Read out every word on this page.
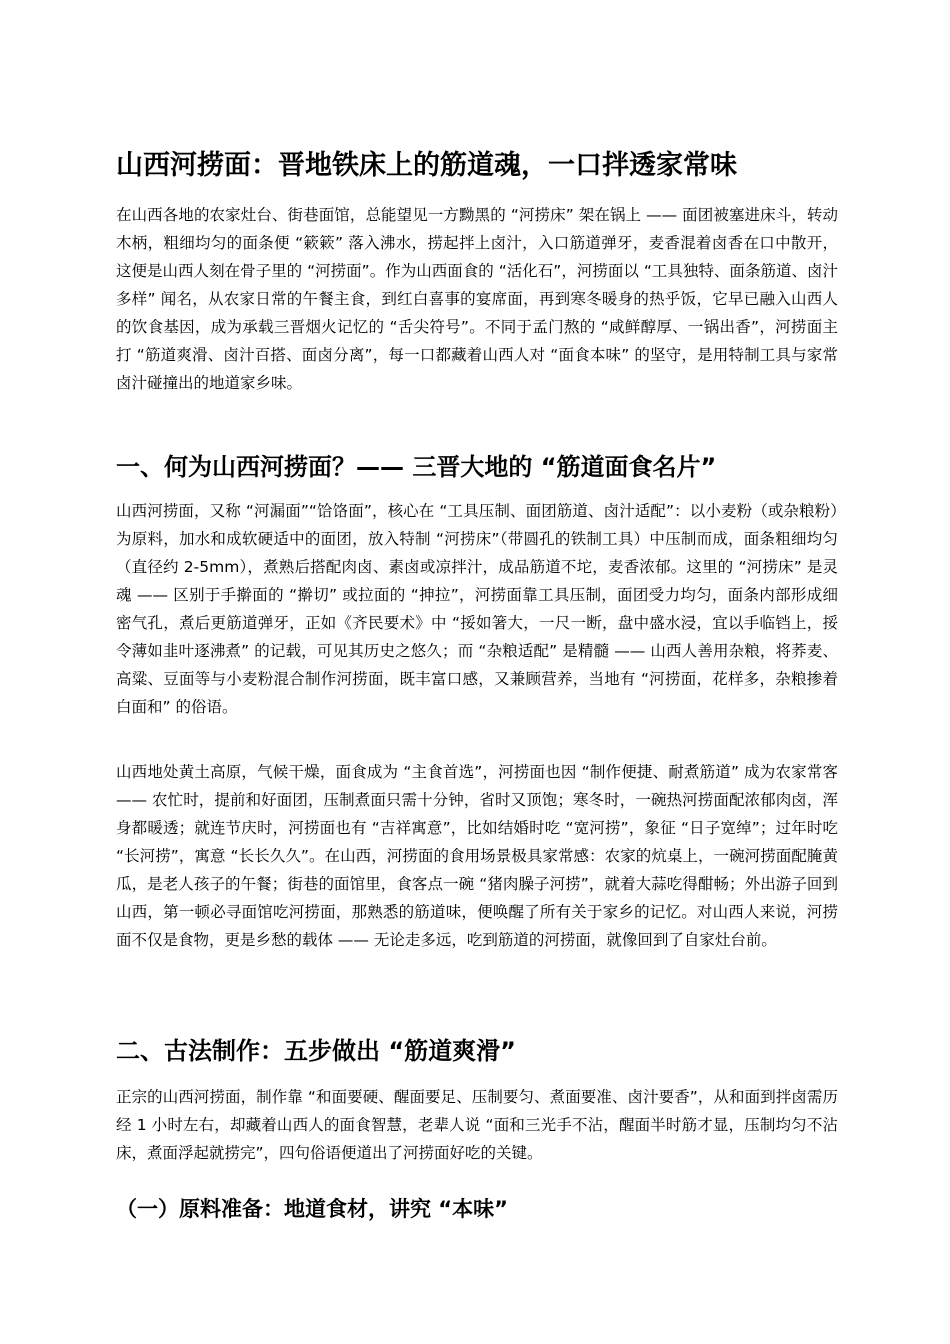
山西河捞面：晋地铁床上的筋道魂，一口拌透家常味

在山西各地的农家灶台、街巷面馆，总能望见一方黝黑的 “河捞床” 架在锅上 —— 面团被塞进床斗，转动木柄，粗细均匀的面条便 “簌簌” 落入沸水，捞起拌上卤汁，入口筋道弹牙，麦香混着卤香在口中散开，这便是山西人刻在骨子里的 “河捞面”。作为山西面食的 “活化石”，河捞面以 “工具独特、面条筋道、卤汁多样” 闻名，从农家日常的午餐主食，到红白喜事的宴席面，再到寒冬暖身的热乎饭，它早已融入山西人的饮食基因，成为承载三晋烟火记忆的 “舌尖符号”。不同于孟门熬的 “咸鲜醇厚、一锅出香”，河捞面主打 “筋道爽滑、卤汁百搭、面卤分离”，每一口都藏着山西人对 “面食本味” 的坚守，是用特制工具与家常卤汁碰撞出的地道家乡味。

一、何为山西河捞面？—— 三晋大地的 “筋道面食名片”

山西河捞面，又称 “河漏面”“饸饹面”，核心在 “工具压制、面团筋道、卤汁适配”：以小麦粉（或杂粮粉）为原料，加水和成软硬适中的面团，放入特制 “河捞床”（带圆孔的铁制工具）中压制而成，面条粗细均匀（直径约 2-5mm），煮熟后搭配肉卤、素卤或凉拌汁，成品筋道不坨，麦香浓郁。这里的 “河捞床” 是灵魂 —— 区别于手擀面的 “擀切” 或拉面的 “抻拉”，河捞面靠工具压制，面团受力均匀，面条内部形成细密气孔，煮后更筋道弹牙，正如《齐民要术》中 “挼如箸大，一尺一断，盘中盛水浸，宜以手临铛上，挼令薄如韭叶逐沸煮” 的记载，可见其历史之悠久；而 “杂粮适配” 是精髓 —— 山西人善用杂粮，将荞麦、高粱、豆面等与小麦粉混合制作河捞面，既丰富口感，又兼顾营养，当地有 “河捞面，花样多，杂粮掺着白面和” 的俗语。

山西地处黄土高原，气候干燥，面食成为 “主食首选”，河捞面也因 “制作便捷、耐煮筋道” 成为农家常客 —— 农忙时，提前和好面团，压制煮面只需十分钟，省时又顶饱；寒冬时，一碗热河捞面配浓郁肉卤，浑身都暖透；就连节庆时，河捞面也有 “吉祥寓意”，比如结婚时吃 “宽河捞”，象征 “日子宽绰”；过年时吃 “长河捞”，寓意 “长长久久”。在山西，河捞面的食用场景极具家常感：农家的炕桌上，一碗河捞面配腌黄瓜，是老人孩子的午餐；街巷的面馆里，食客点一碗 “猪肉臊子河捞”，就着大蒜吃得酣畅；外出游子回到山西，第一顿必寻面馆吃河捞面，那熟悉的筋道味，便唤醒了所有关于家乡的记忆。对山西人来说，河捞面不仅是食物，更是乡愁的载体 —— 无论走多远，吃到筋道的河捞面，就像回到了自家灶台前。

二、古法制作：五步做出 “筋道爽滑”

正宗的山西河捞面，制作靠 “和面要硬、醒面要足、压制要匀、煮面要准、卤汁要香”，从和面到拌卤需历经 1 小时左右，却藏着山西人的面食智慧，老辈人说 “面和三光手不沾，醒面半时筋才显，压制均匀不沾床，煮面浮起就捞完”，四句俗语便道出了河捞面好吃的关键。

（一）原料准备：地道食材，讲究 “本味”
